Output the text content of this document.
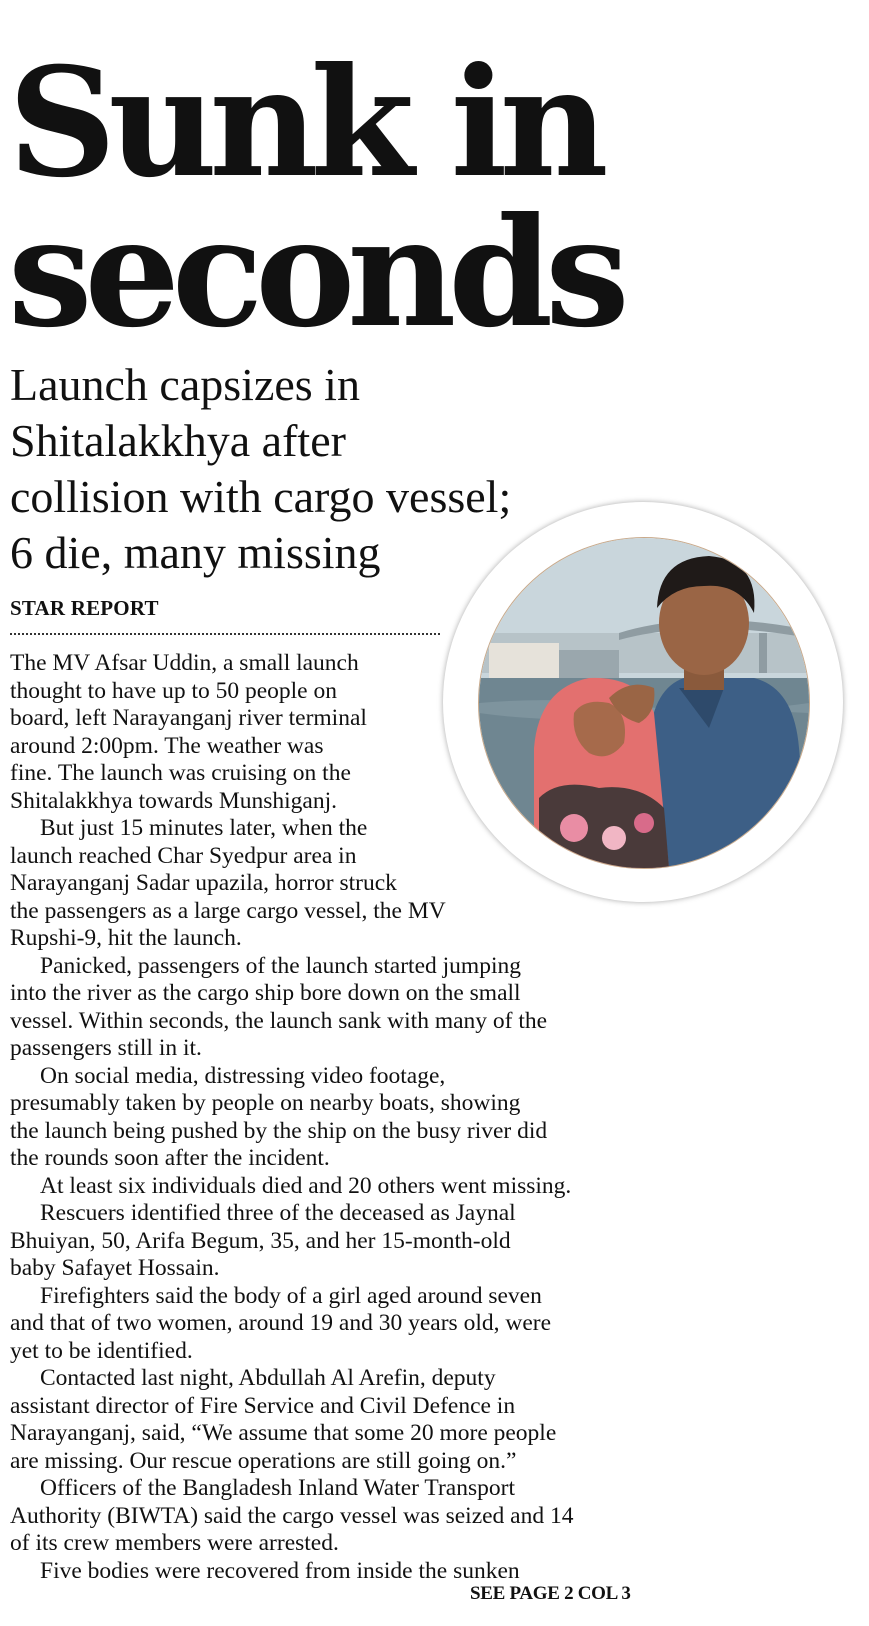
Sunk in
seconds
Launch capsizes in
Shitalakkhya after
collision with cargo vessel;
6 die, many missing
STAR REPORT
The MV Afsar Uddin, a small launch
thought to have up to 50 people on
board, left Narayanganj river terminal
around 2:00pm. The weather was
fine. The launch was cruising on the
Shitalakkhya towards Munshiganj.
But just 15 minutes later, when the
launch reached Char Syedpur area in
Narayanganj Sadar upazila, horror struck
the passengers as a large cargo vessel, the MV
Rupshi-9, hit the launch.
Panicked, passengers of the launch started jumping
into the river as the cargo ship bore down on the small
vessel. Within seconds, the launch sank with many of the
passengers still in it.
On social media, distressing video footage,
presumably taken by people on nearby boats, showing
the launch being pushed by the ship on the busy river did
the rounds soon after the incident.
At least six individuals died and 20 others went missing.
Rescuers identified three of the deceased as Jaynal
Bhuiyan, 50, Arifa Begum, 35, and her 15-month-old
baby Safayet Hossain.
Firefighters said the body of a girl aged around seven
and that of two women, around 19 and 30 years old, were
yet to be identified.
Contacted last night, Abdullah Al Arefin, deputy
assistant director of Fire Service and Civil Defence in
Narayanganj, said, “We assume that some 20 more people
are missing. Our rescue operations are still going on.”
Officers of the Bangladesh Inland Water Transport
Authority (BIWTA) said the cargo vessel was seized and 14
of its crew members were arrested.
Five bodies were recovered from inside the sunken
SEE PAGE 2 COL 3
